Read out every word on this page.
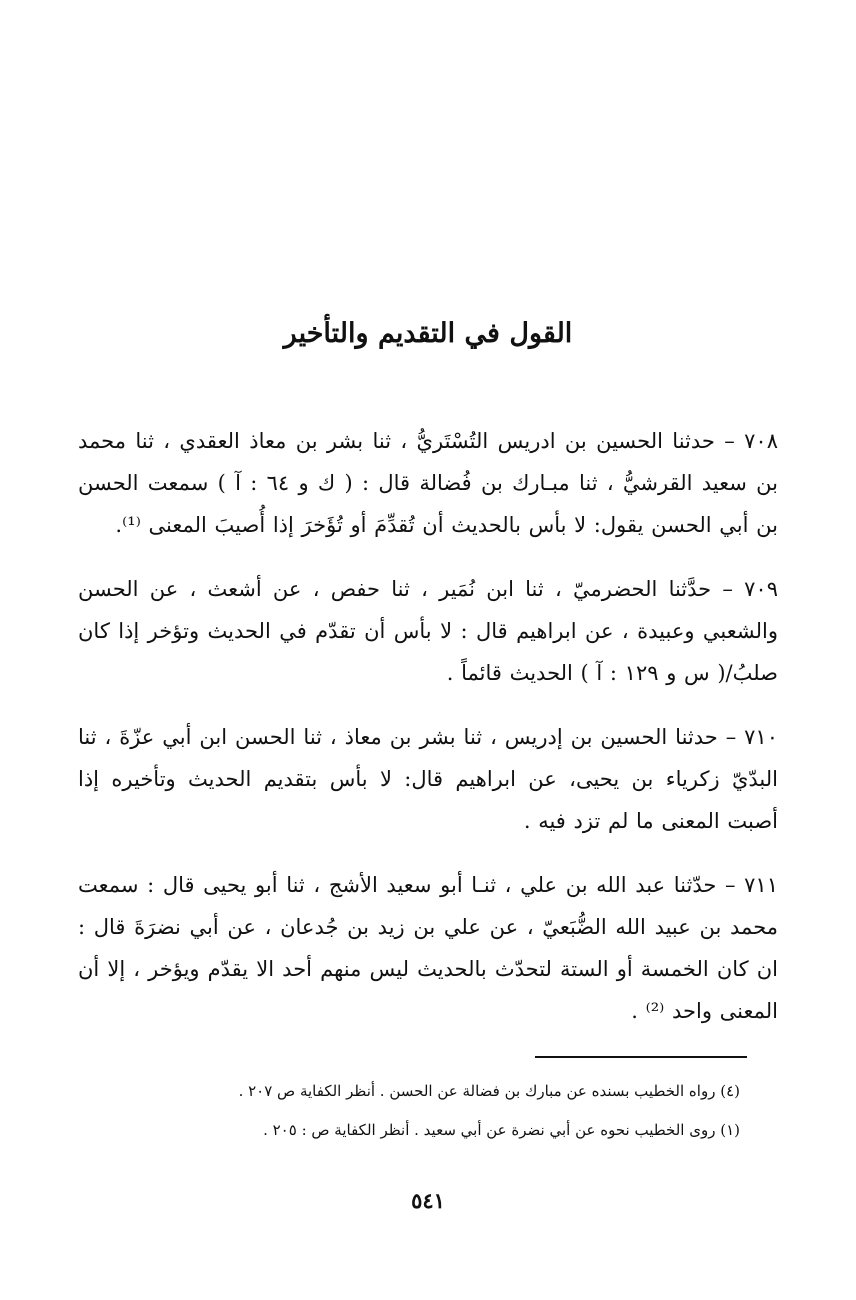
القول في التقديم والتأخير

٧٠٨ – حدثنا الحسين بن ادريس التُسْتَريُّ ، ثنا بشر بن معاذ العقدي ، ثنا محمد بن سعيد القرشيُّ ، ثنا مبـارك بن فُضالة قال : ( ك و ٦٤ : آ ) سمعت الحسن بن أبي الحسن يقول: لا بأس بالحديث أن تُقدِّمَ أو تُؤَخرَ إذا أُصيبَ المعنى ⁽¹⁾.

٧٠٩ – حدَّثنا الحضرميّ ، ثنا ابن نُمَير ، ثنا حفص ، عن أشعث ، عن الحسن والشعبي وعبيدة ، عن ابراهيم قال : لا بأس أن تقدّم في الحديث وتؤخر إذا كان صلبُ/( س و ١٢٩ : آ ) الحديث قائماً .

٧١٠ – حدثنا الحسين بن إدريس ، ثنا بشر بن معاذ ، ثنا الحسن ابن أبي عزّةَ ، ثنا البدّيّ زكرياء بن يحيى، عن ابراهيم قال: لا بأس بتقديم الحديث وتأخيره إذا أصبت المعنى ما لم تزد فيه .

٧١١ – حدّثنا عبد الله بن علي ، ثنـا أبو سعيد الأشج ، ثنا أبو يحيى قال : سمعت محمد بن عبيد الله الضُّبَعيّ ، عن علي بن زيد بن جُدعان ، عن أبي نضرَةَ قال : ان كان الخمسة أو الستة لتحدّث بالحديث ليس منهم أحد الا يقدّم ويؤخر ، إلا أن المعنى واحد ⁽²⁾ .

(٤) رواه الخطيب بسنده عن مبارك بن فضالة عن الحسن . أنظر الكفاية ص ٢٠٧ .

(١) روى الخطيب نحوه عن أبي نضرة عن أبي سعيد . أنظر الكفاية ص : ٢٠٥ .

٥٤١
